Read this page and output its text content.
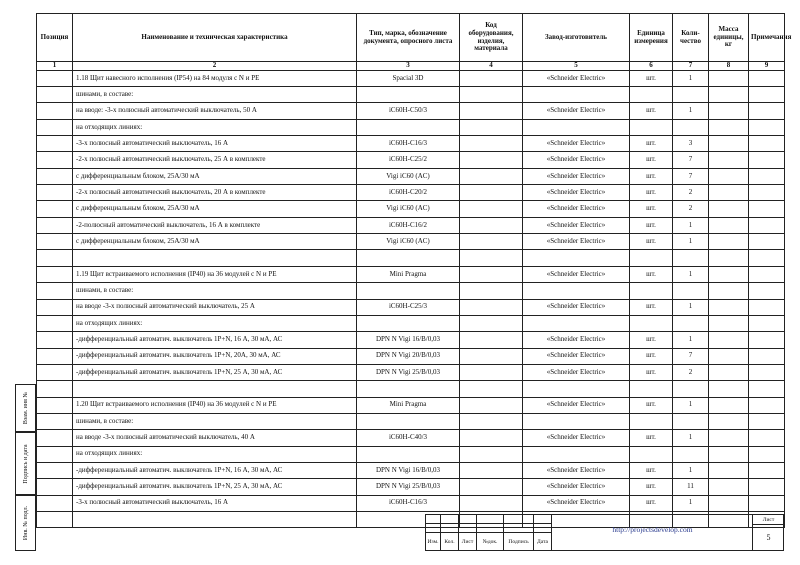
Взам. инв №
Подпись и дата
Инв. № подл.
Позиция	Наименование и техническая характеристика	Тип, марка, обозначение документа, опросного листа	Код оборудования, изделия, материала	Завод-изготовитель	Единица измерения	Коли-чество	Масса единицы, кг	Примечания
1	2	3	4	5	6	7	8	9
	1.18 Щит навесного исполнения (IP54) на 84 модуля с N и PE	Spacial 3D		«Schneider Electric»	шт.	1		
	шинами, в составе:							
	на вводе: -3-х полюсный автоматический выключатель, 50 А	iC60H-C50/3		«Schneider Electric»	шт.	1		
	на отходящих линиях:							
	-3-х полюсный автоматический выключатель, 16 А	iC60H-C16/3		«Schneider Electric»	шт.	3		
	-2-х полюсный автоматический выключатель, 25 А в комплекте	iC60H-C25/2		«Schneider Electric»	шт.	7		
	с дифференциальным блоком, 25А/30 мА	Vigi iC60 (AC)		«Schneider Electric»	шт.	7		
	-2-х полюсный автоматический выключатель, 20 А в комплекте	iC60H-C20/2		«Schneider Electric»	шт.	2		
	с дифференциальным блоком, 25А/30 мА	Vigi iC60 (AC)		«Schneider Electric»	шт.	2		
	-2-полюсный автоматический выключатель, 16 А в комплекте	iC60H-C16/2		«Schneider Electric»	шт.	1		
	с дифференциальным блоком, 25А/30 мА	Vigi iC60 (AC)		«Schneider Electric»	шт.	1		

	1.19 Щит встраиваемого исполнения (IP40) на 36 модулей с N и PE	Mini Pragma		«Schneider Electric»	шт.	1		
	шинами, в составе:							
	на вводе -3-х полюсный автоматический выключатель, 25 А	iC60H-C25/3		«Schneider Electric»	шт.	1		
	на отходящих линиях:							
	-дифференциальный автоматич. выключатель 1P+N, 16 А, 30 мА, АС	DPN N Vigi 16/B/0,03		«Schneider Electric»	шт.	1		
	-дифференциальный автоматич. выключатель 1P+N, 20А, 30 мА, АС	DPN N Vigi 20/B/0,03		«Schneider Electric»	шт.	7		
	-дифференциальный автоматич. выключатель 1P+N, 25 А, 30 мА, АС	DPN N Vigi 25/B/0,03		«Schneider Electric»	шт.	2		

	1.20 Щит встраиваемого исполнения (IP40) на 36 модулей с N и PE	Mini Pragma		«Schneider Electric»	шт.	1		
	шинами, в составе:							
	на вводе -3-х полюсный автоматический выключатель, 40 А	iC60H-C40/3		«Schneider Electric»	шт.	1		
	на отходящих линиях:							
	-дифференциальный автоматич. выключатель 1P+N, 16 А, 30 мА, АС	DPN N Vigi 16/B/0,03		«Schneider Electric»	шт.	1		
	-дифференциальный автоматич. выключатель 1P+N, 25 А, 30 мА, АС	DPN N Vigi 25/B/0,03		«Schneider Electric»	шт.	11		
	-3-х полюсный автоматический выключатель, 16 А	iC60H-C16/3		«Schneider Electric»	шт.	1		

Изм.	Кол.	Лист	№док.	Подпись	Дата
http://projectsdevelop.com
Лист
5
